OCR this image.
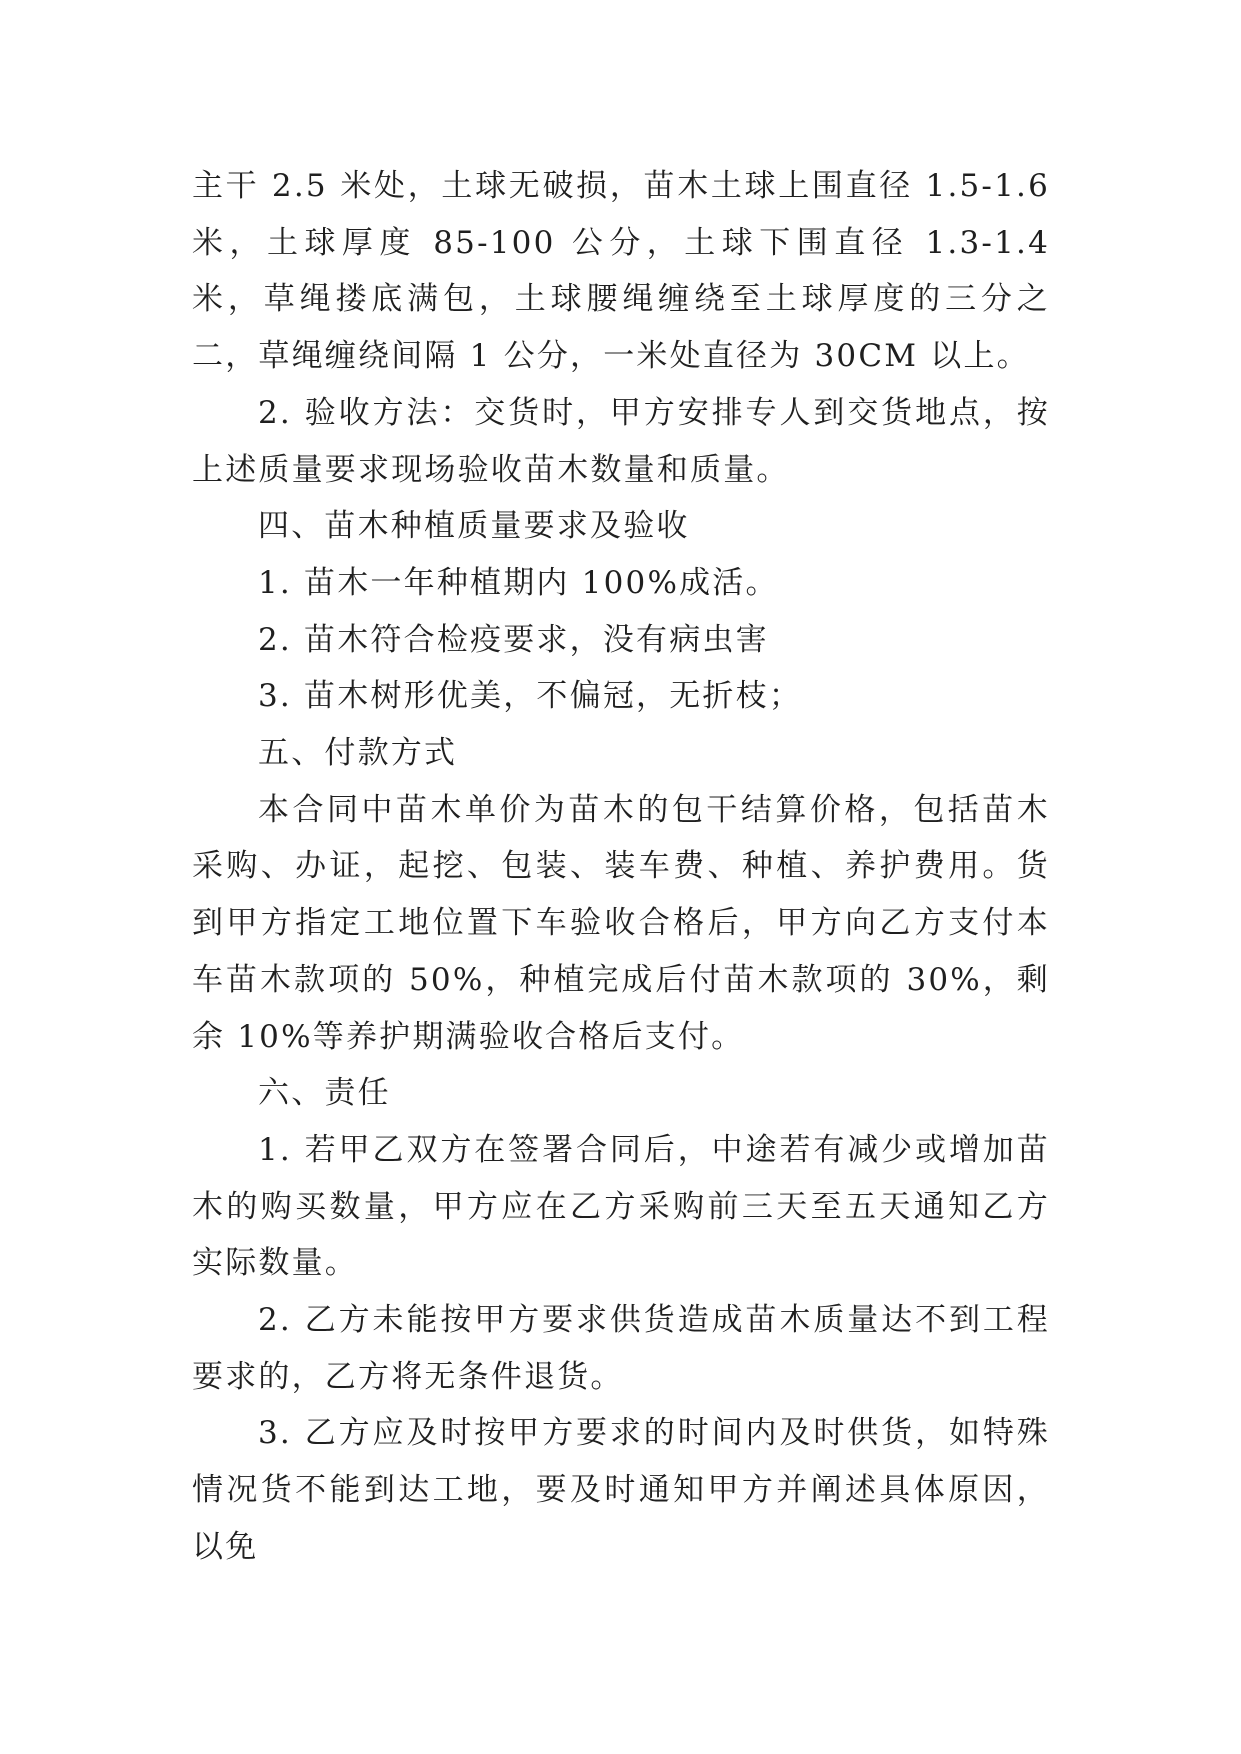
主干 2.5 米处，土球无破损，苗木土球上围直径 1.5-1.6 米，土球厚度 85-100 公分，土球下围直径 1.3-1.4 米，草绳搂底满包，土球腰绳缠绕至土球厚度的三分之二，草绳缠绕间隔 1 公分，一米处直径为 30CM 以上。

2. 验收方法：交货时，甲方安排专人到交货地点，按上述质量要求现场验收苗木数量和质量。

四、苗木种植质量要求及验收

1. 苗木一年种植期内 100%成活。

2. 苗木符合检疫要求，没有病虫害

3. 苗木树形优美，不偏冠，无折枝；

五、付款方式

本合同中苗木单价为苗木的包干结算价格，包括苗木采购、办证，起挖、包装、装车费、种植、养护费用。货到甲方指定工地位置下车验收合格后，甲方向乙方支付本车苗木款项的 50%，种植完成后付苗木款项的 30%，剩余 10%等养护期满验收合格后支付。

六、责任

1. 若甲乙双方在签署合同后，中途若有减少或增加苗木的购买数量，甲方应在乙方采购前三天至五天通知乙方实际数量。

2. 乙方未能按甲方要求供货造成苗木质量达不到工程要求的，乙方将无条件退货。

3. 乙方应及时按甲方要求的时间内及时供货，如特殊情况货不能到达工地，要及时通知甲方并阐述具体原因，以免
